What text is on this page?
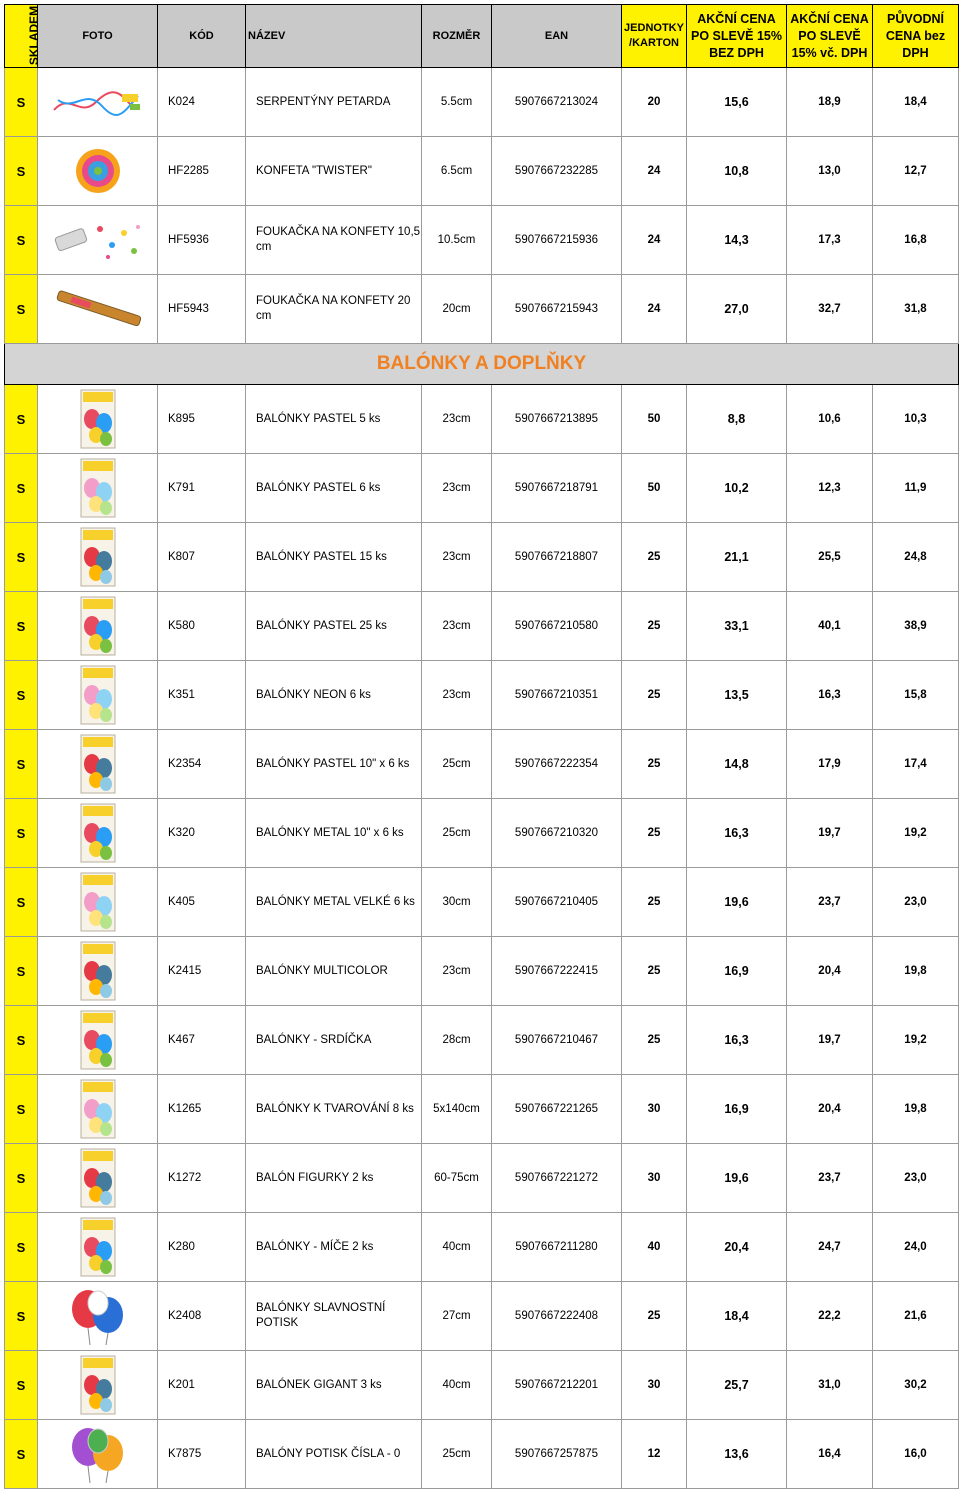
SKLADEM	FOTO	KÓD	NÁZEV	ROZMĚR	EAN	JEDNOTKY /KARTON	AKČNÍ CENA PO SLEVĚ 15% BEZ DPH	AKČNÍ CENA PO SLEVĚ 15% vč. DPH	PŮVODNÍ CENA bez DPH
S		K024	SERPENTÝNY PETARDA	5.5cm	5907667213024	20	15,6	18,9	18,4
S		HF2285	KONFETA "TWISTER"	6.5cm	5907667232285	24	10,8	13,0	12,7
S		HF5936	FOUKAČKA NA KONFETY 10,5 cm	10.5cm	5907667215936	24	14,3	17,3	16,8
S		HF5943	FOUKAČKA NA KONFETY 20 cm	20cm	5907667215943	24	27,0	32,7	31,8
BALÓNKY A DOPLŇKY									
S		K895	BALÓNKY PASTEL 5 ks	23cm	5907667213895	50	8,8	10,6	10,3
S		K791	BALÓNKY PASTEL 6 ks	23cm	5907667218791	50	10,2	12,3	11,9
S		K807	BALÓNKY PASTEL 15 ks	23cm	5907667218807	25	21,1	25,5	24,8
S		K580	BALÓNKY PASTEL 25 ks	23cm	5907667210580	25	33,1	40,1	38,9
S		K351	BALÓNKY NEON 6 ks	23cm	5907667210351	25	13,5	16,3	15,8
S		K2354	BALÓNKY PASTEL 10" x 6 ks	25cm	5907667222354	25	14,8	17,9	17,4
S		K320	BALÓNKY METAL 10" x 6 ks	25cm	5907667210320	25	16,3	19,7	19,2
S		K405	BALÓNKY METAL VELKÉ 6 ks	30cm	5907667210405	25	19,6	23,7	23,0
S		K2415	BALÓNKY MULTICOLOR	23cm	5907667222415	25	16,9	20,4	19,8
S		K467	BALÓNKY - SRDÍČKA	28cm	5907667210467	25	16,3	19,7	19,2
S		K1265	BALÓNKY K TVAROVÁNÍ 8 ks	5x140cm	5907667221265	30	16,9	20,4	19,8
S		K1272	BALÓN FIGURKY 2 ks	60-75cm	5907667221272	30	19,6	23,7	23,0
S		K280	BALÓNKY - MÍČE 2 ks	40cm	5907667211280	40	20,4	24,7	24,0
S		K2408	BALÓNKY SLAVNOSTNÍ POTISK	27cm	5907667222408	25	18,4	22,2	21,6
S		K201	BALÓNEK GIGANT 3 ks	40cm	5907667212201	30	25,7	31,0	30,2
S		K7875	BALÓNY POTISK ČÍSLA - 0	25cm	5907667257875	12	13,6	16,4	16,0
